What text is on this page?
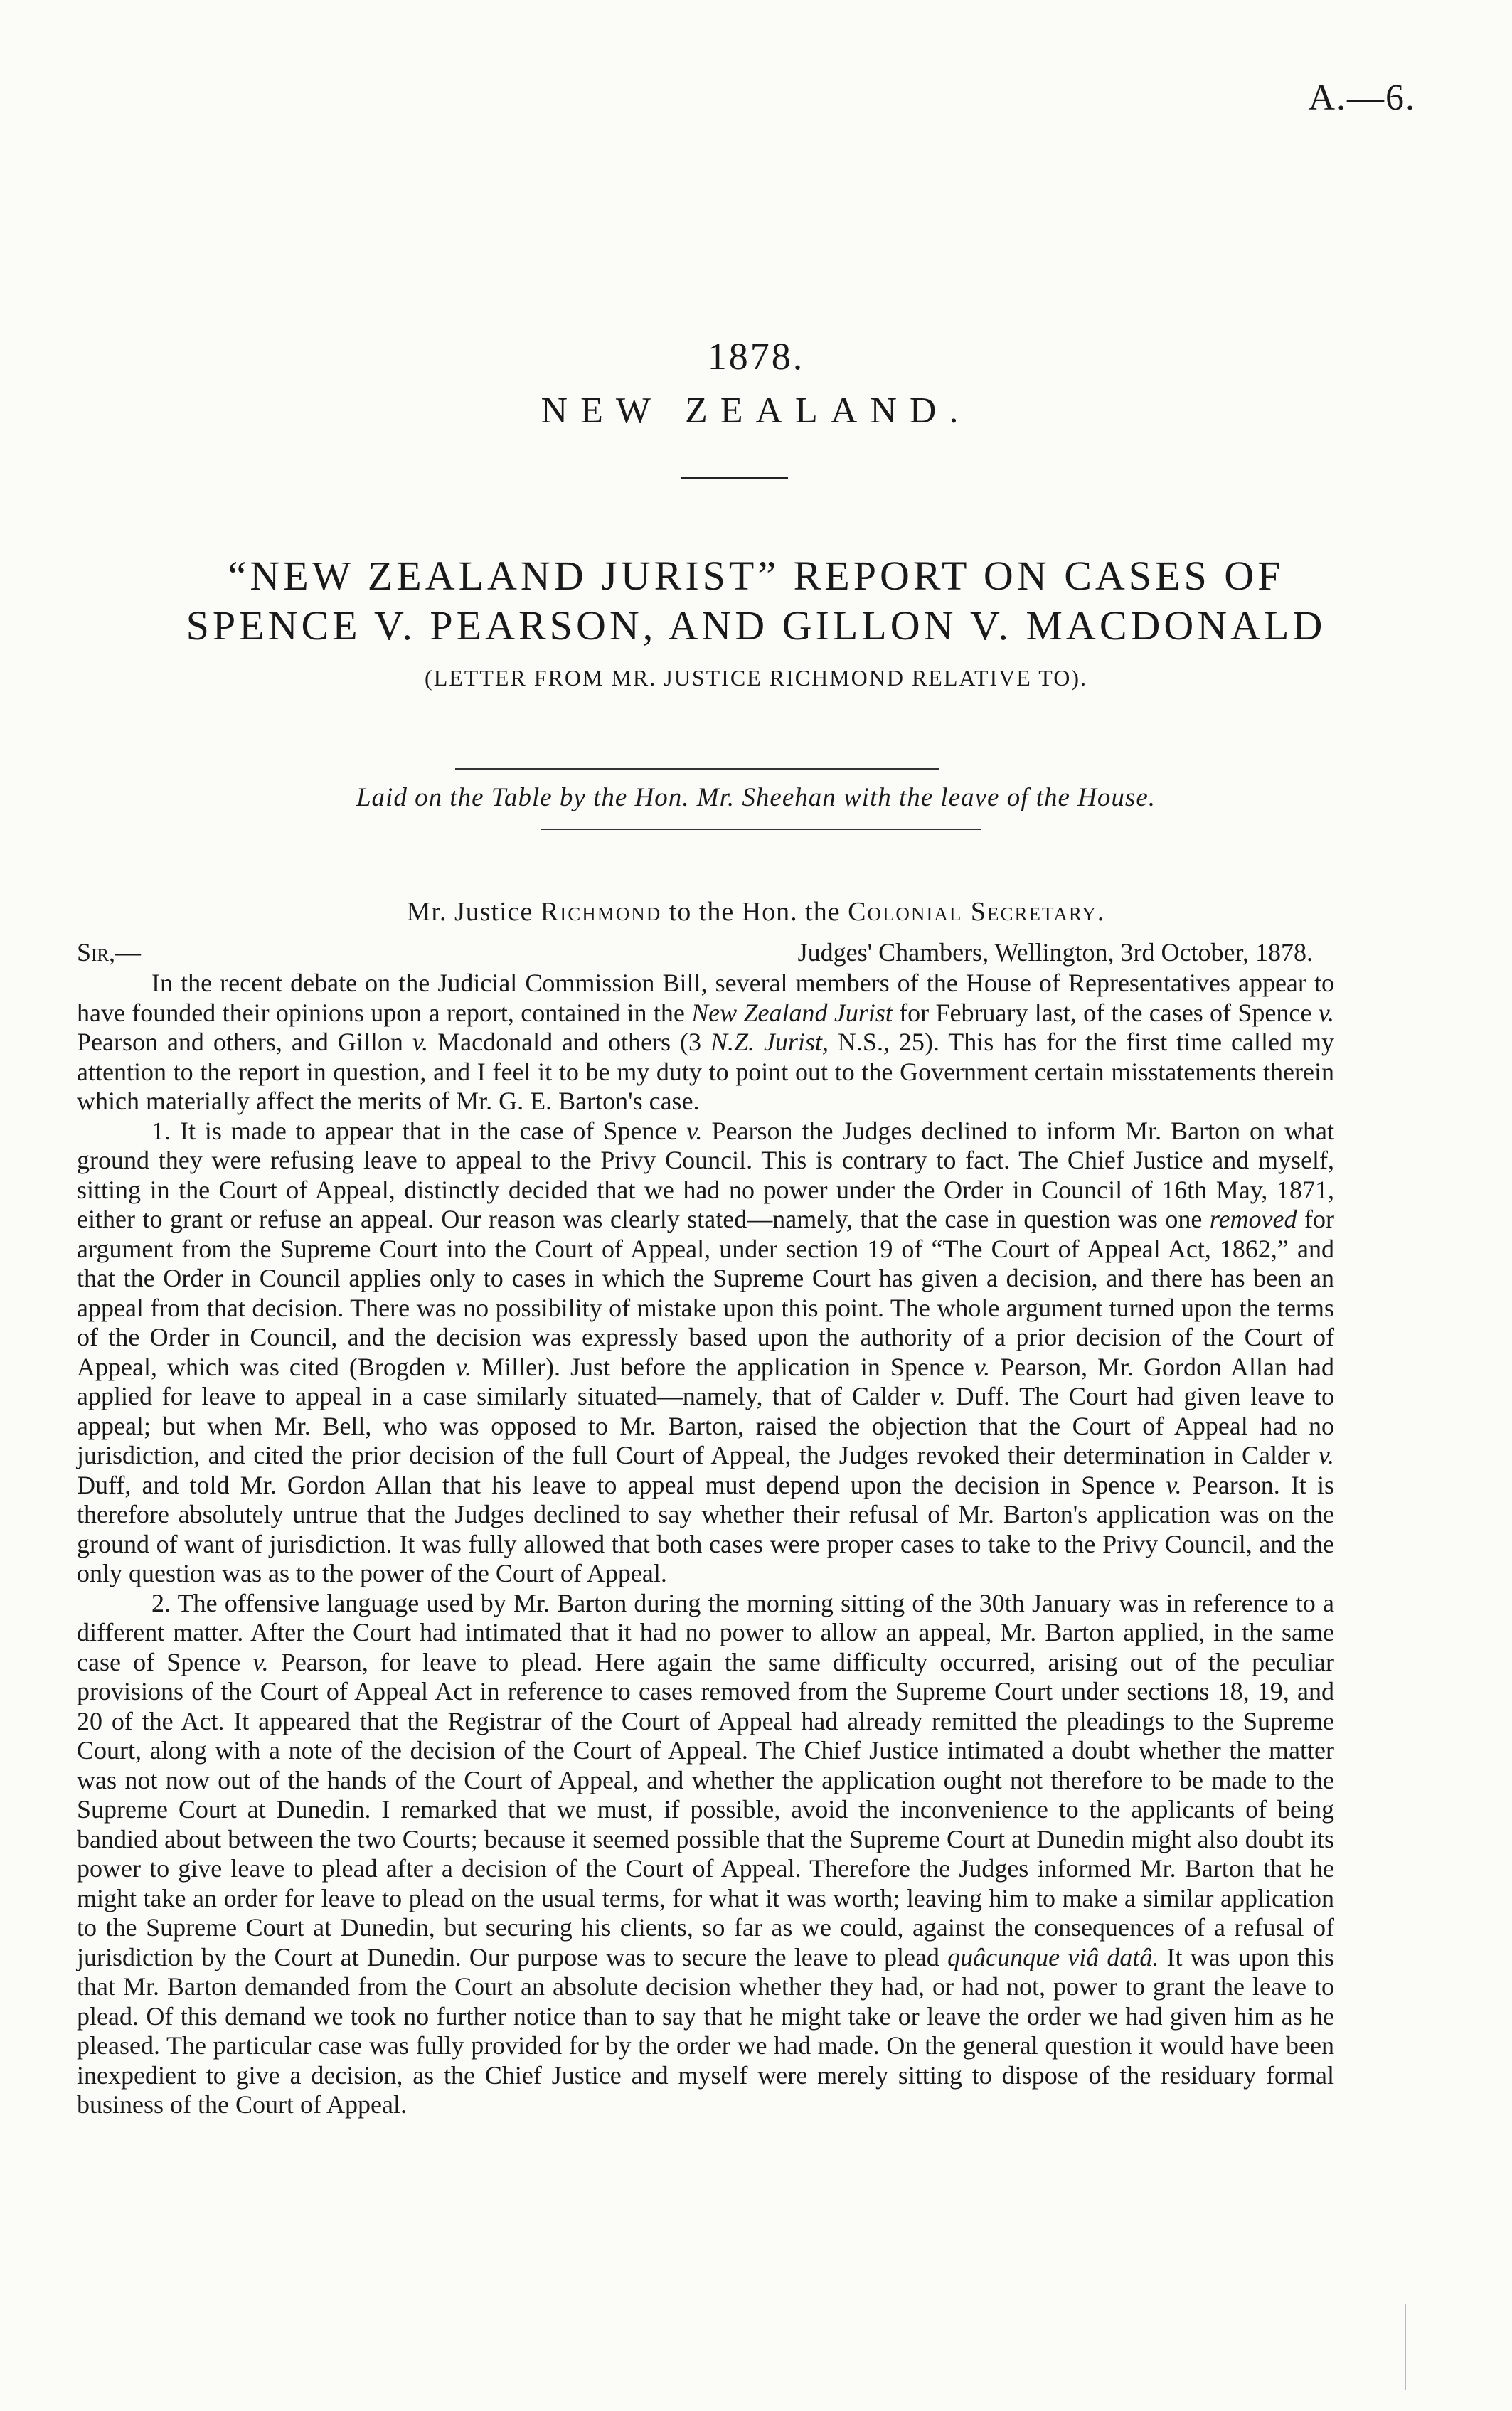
A.—6.
1878.
NEW ZEALAND.
“NEW ZEALAND JURIST” REPORT ON CASES OF SPENCE V. PEARSON, AND GILLON V. MACDONALD
(LETTER FROM MR. JUSTICE RICHMOND RELATIVE TO).
Laid on the Table by the Hon. Mr. Sheehan with the leave of the House.
Mr. Justice Richmond to the Hon. the Colonial Secretary.
Sir,—	Judges' Chambers, Wellington, 3rd October, 1878.

In the recent debate on the Judicial Commission Bill, several members of the House of Representatives appear to have founded their opinions upon a report, contained in the New Zealand Jurist for February last, of the cases of Spence v. Pearson and others, and Gillon v. Macdonald and others (3 N.Z. Jurist, N.S., 25). This has for the first time called my attention to the report in question, and I feel it to be my duty to point out to the Government certain misstatements therein which materially affect the merits of Mr. G. E. Barton's case.

1. It is made to appear that in the case of Spence v. Pearson the Judges declined to inform Mr. Barton on what ground they were refusing leave to appeal to the Privy Council. This is contrary to fact. The Chief Justice and myself, sitting in the Court of Appeal, distinctly decided that we had no power under the Order in Council of 16th May, 1871, either to grant or refuse an appeal. Our reason was clearly stated—namely, that the case in question was one removed for argument from the Supreme Court into the Court of Appeal, under section 19 of “The Court of Appeal Act, 1862,” and that the Order in Council applies only to cases in which the Supreme Court has given a decision, and there has been an appeal from that decision. There was no possibility of mistake upon this point. The whole argument turned upon the terms of the Order in Council, and the decision was expressly based upon the authority of a prior decision of the Court of Appeal, which was cited (Brogden v. Miller). Just before the application in Spence v. Pearson, Mr. Gordon Allan had applied for leave to appeal in a case similarly situated—namely, that of Calder v. Duff. The Court had given leave to appeal; but when Mr. Bell, who was opposed to Mr. Barton, raised the objection that the Court of Appeal had no jurisdiction, and cited the prior decision of the full Court of Appeal, the Judges revoked their determination in Calder v. Duff, and told Mr. Gordon Allan that his leave to appeal must depend upon the decision in Spence v. Pearson. It is therefore absolutely untrue that the Judges declined to say whether their refusal of Mr. Barton's application was on the ground of want of jurisdiction. It was fully allowed that both cases were proper cases to take to the Privy Council, and the only question was as to the power of the Court of Appeal.

2. The offensive language used by Mr. Barton during the morning sitting of the 30th January was in reference to a different matter. After the Court had intimated that it had no power to allow an appeal, Mr. Barton applied, in the same case of Spence v. Pearson, for leave to plead. Here again the same difficulty occurred, arising out of the peculiar provisions of the Court of Appeal Act in reference to cases removed from the Supreme Court under sections 18, 19, and 20 of the Act. It appeared that the Registrar of the Court of Appeal had already remitted the pleadings to the Supreme Court, along with a note of the decision of the Court of Appeal. The Chief Justice intimated a doubt whether the matter was not now out of the hands of the Court of Appeal, and whether the application ought not therefore to be made to the Supreme Court at Dunedin. I remarked that we must, if possible, avoid the inconvenience to the applicants of being bandied about between the two Courts; because it seemed possible that the Supreme Court at Dunedin might also doubt its power to give leave to plead after a decision of the Court of Appeal. Therefore the Judges informed Mr. Barton that he might take an order for leave to plead on the usual terms, for what it was worth; leaving him to make a similar application to the Supreme Court at Dunedin, but securing his clients, so far as we could, against the consequences of a refusal of jurisdiction by the Court at Dunedin. Our purpose was to secure the leave to plead quâcunque viâ datâ. It was upon this that Mr. Barton demanded from the Court an absolute decision whether they had, or had not, power to grant the leave to plead. Of this demand we took no further notice than to say that he might take or leave the order we had given him as he pleased. The particular case was fully provided for by the order we had made. On the general question it would have been inexpedient to give a decision, as the Chief Justice and myself were merely sitting to dispose of the residuary formal business of the Court of Appeal.
